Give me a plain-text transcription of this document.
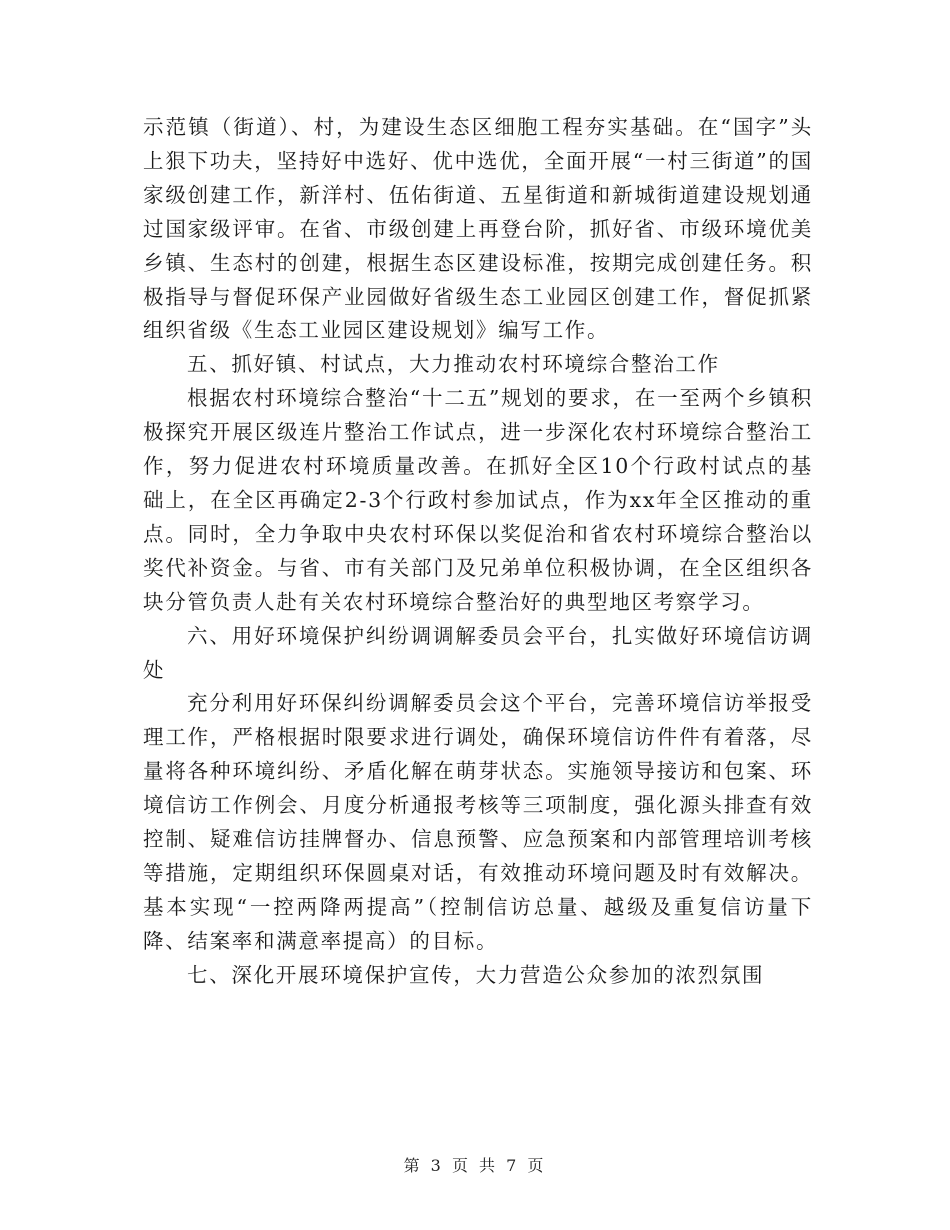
示范镇（街道）、村，为建设生态区细胞工程夯实基础。在“国字”头上狠下功夫，坚持好中选好、优中选优，全面开展“一村三街道”的国家级创建工作，新洋村、伍佑街道、五星街道和新城街道建设规划通过国家级评审。在省、市级创建上再登台阶，抓好省、市级环境优美乡镇、生态村的创建，根据生态区建设标准，按期完成创建任务。积极指导与督促环保产业园做好省级生态工业园区创建工作，督促抓紧组织省级《生态工业园区建设规划》编写工作。

五、抓好镇、村试点，大力推动农村环境综合整治工作

根据农村环境综合整治“十二五”规划的要求，在一至两个乡镇积极探究开展区级连片整治工作试点，进一步深化农村环境综合整治工作，努力促进农村环境质量改善。在抓好全区10个行政村试点的基础上，在全区再确定2-3个行政村参加试点，作为xx年全区推动的重点。同时，全力争取中央农村环保以奖促治和省农村环境综合整治以奖代补资金。与省、市有关部门及兄弟单位积极协调，在全区组织各块分管负责人赴有关农村环境综合整治好的典型地区考察学习。

六、用好环境保护纠纷调调解委员会平台，扎实做好环境信访调处

充分利用好环保纠纷调解委员会这个平台，完善环境信访举报受理工作，严格根据时限要求进行调处，确保环境信访件件有着落，尽量将各种环境纠纷、矛盾化解在萌芽状态。实施领导接访和包案、环境信访工作例会、月度分析通报考核等三项制度，强化源头排查有效控制、疑难信访挂牌督办、信息预警、应急预案和内部管理培训考核等措施，定期组织环保圆桌对话，有效推动环境问题及时有效解决。基本实现“一控两降两提高”（控制信访总量、越级及重复信访量下降、结案率和满意率提高）的目标。

七、深化开展环境保护宣传，大力营造公众参加的浓烈氛围

第 3 页 共 7 页
